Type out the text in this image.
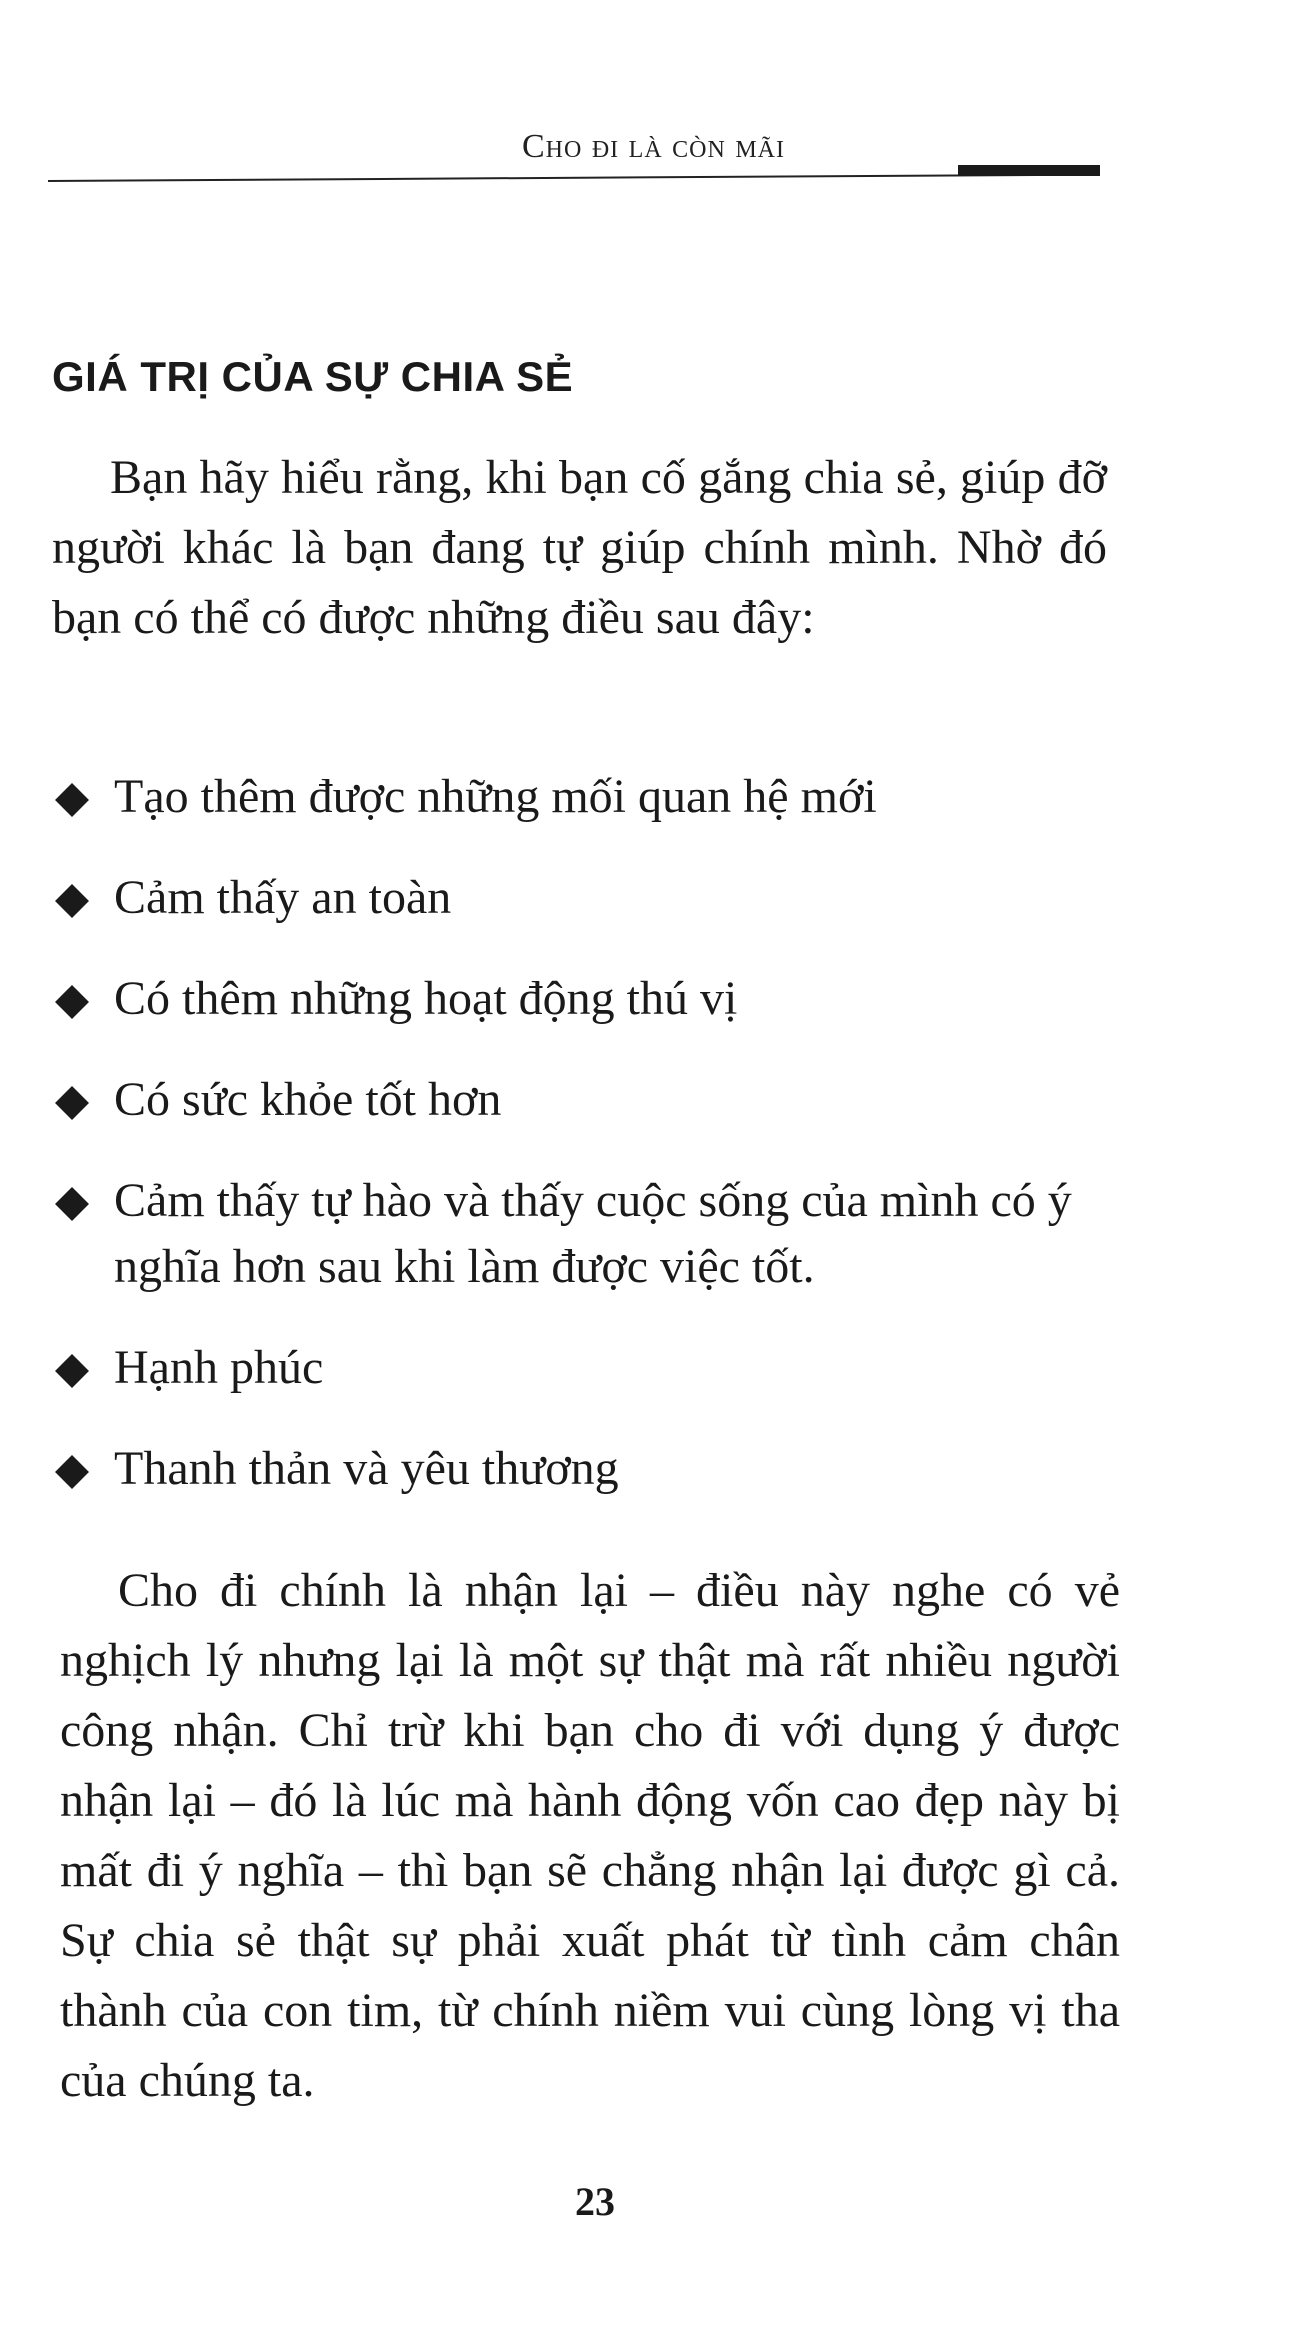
Cho đi là còn mãi
GIÁ TRỊ CỦA SỰ CHIA SẺ

Bạn hãy hiểu rằng, khi bạn cố gắng chia sẻ, giúp đỡ người khác là bạn đang tự giúp chính mình. Nhờ đó bạn có thể có được những điều sau đây:

Tạo thêm được những mối quan hệ mới
Cảm thấy an toàn
Có thêm những hoạt động thú vị
Có sức khỏe tốt hơn
Cảm thấy tự hào và thấy cuộc sống của mình có ý nghĩa hơn sau khi làm được việc tốt.
Hạnh phúc
Thanh thản và yêu thương

Cho đi chính là nhận lại – điều này nghe có vẻ nghịch lý nhưng lại là một sự thật mà rất nhiều người công nhận. Chỉ trừ khi bạn cho đi với dụng ý được nhận lại – đó là lúc mà hành động vốn cao đẹp này bị mất đi ý nghĩa – thì bạn sẽ chẳng nhận lại được gì cả. Sự chia sẻ thật sự phải xuất phát từ tình cảm chân thành của con tim, từ chính niềm vui cùng lòng vị tha của chúng ta.

23
